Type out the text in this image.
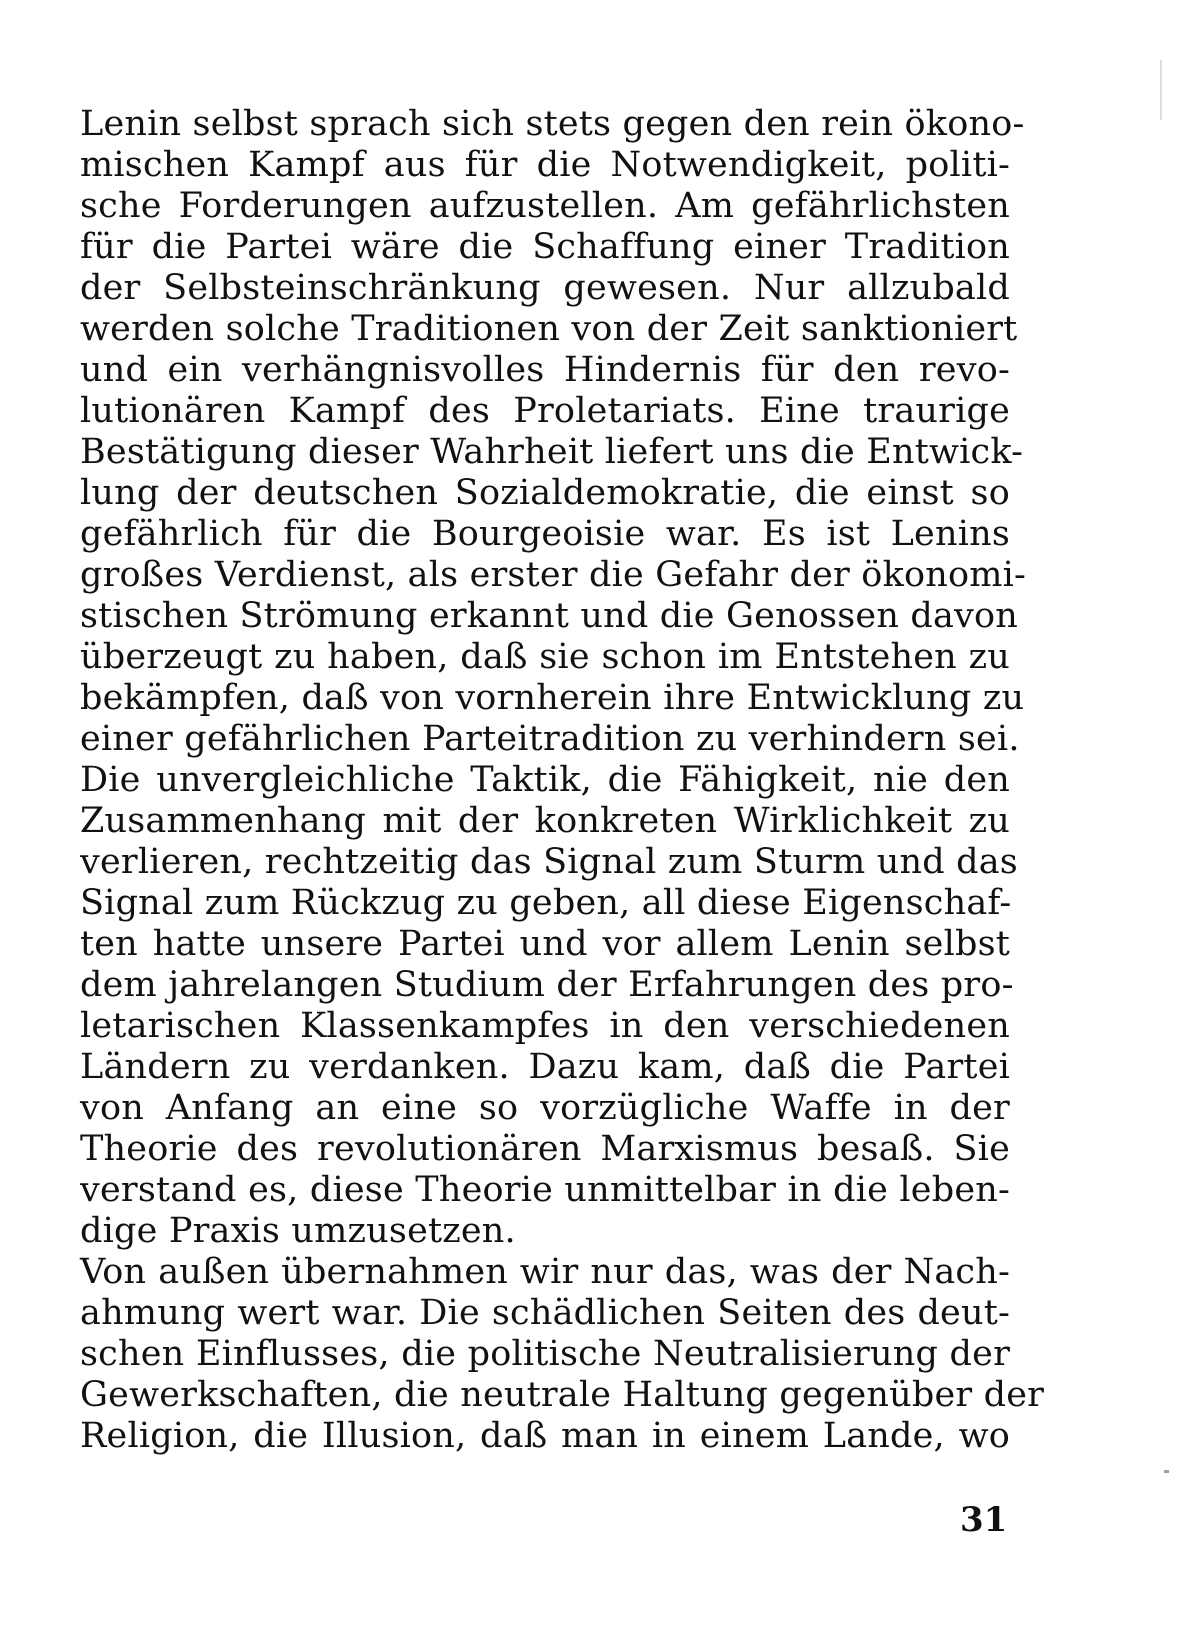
Lenin selbst sprach sich stets gegen den rein ökono-
mischen Kampf aus für die Notwendigkeit, politi-
sche Forderungen aufzustellen. Am gefährlichsten
für die Partei wäre die Schaffung einer Tradition
der Selbsteinschränkung gewesen. Nur allzubald
werden solche Traditionen von der Zeit sanktioniert
und ein verhängnisvolles Hindernis für den revo-
lutionären Kampf des Proletariats. Eine traurige
Bestätigung dieser Wahrheit liefert uns die Entwick-
lung der deutschen Sozialdemokratie, die einst so
gefährlich für die Bourgeoisie war. Es ist Lenins
großes Verdienst, als erster die Gefahr der ökonomi-
stischen Strömung erkannt und die Genossen davon
überzeugt zu haben, daß sie schon im Entstehen zu
bekämpfen, daß von vornherein ihre Entwicklung zu
einer gefährlichen Parteitradition zu verhindern sei.
Die unvergleichliche Taktik, die Fähigkeit, nie den
Zusammenhang mit der konkreten Wirklichkeit zu
verlieren, rechtzeitig das Signal zum Sturm und das
Signal zum Rückzug zu geben, all diese Eigenschaf-
ten hatte unsere Partei und vor allem Lenin selbst
dem jahrelangen Studium der Erfahrungen des pro-
letarischen Klassenkampfes in den verschiedenen
Ländern zu verdanken. Dazu kam, daß die Partei
von Anfang an eine so vorzügliche Waffe in der
Theorie des revolutionären Marxismus besaß. Sie
verstand es, diese Theorie unmittelbar in die leben-
dige Praxis umzusetzen.
Von außen übernahmen wir nur das, was der Nach-
ahmung wert war. Die schädlichen Seiten des deut-
schen Einflusses, die politische Neutralisierung der
Gewerkschaften, die neutrale Haltung gegenüber der
Religion, die Illusion, daß man in einem Lande, wo
31
